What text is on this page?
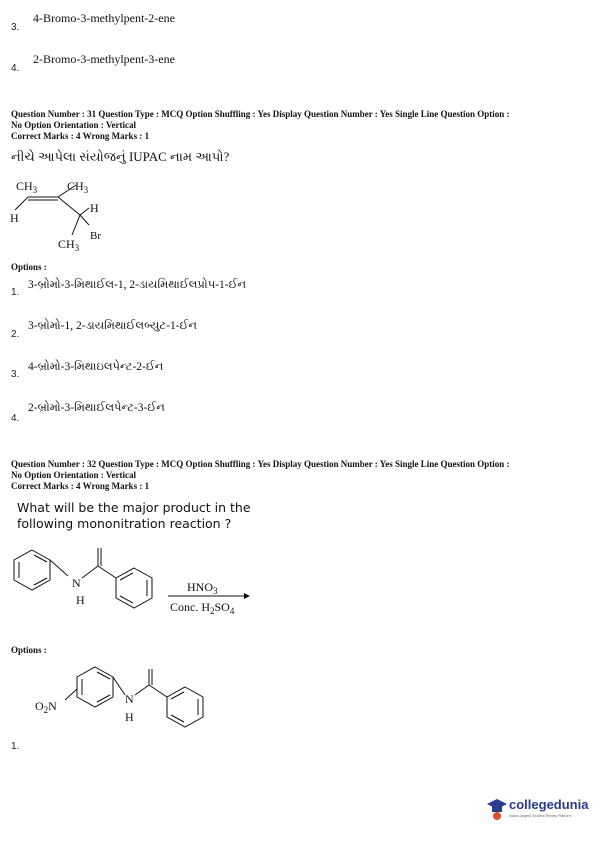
3.
4-Bromo-3-methylpent-2-ene
4.
2-Bromo-3-methylpent-3-ene
Question Number : 31 Question Type : MCQ Option Shuffling : Yes Display Question Number : Yes Single Line Question Option :
No Option Orientation : Vertical
Correct Marks : 4 Wrong Marks : 1
નીચે આપેલા સંયોજનું IUPAC નામ આપો?
$CH_3$ $CH_3$
H
H
Br
$CH_3$
Options :
1.
3-બ્રોમો-3-મિથાઈલ-1, 2-ડાયમિથાઈલપ્રોપ-1-ઈન
2.
3-બ્રોમો-1, 2-ડાયમિથાઈલબ્યુટ-1-ઈન
3.
4-બ્રોમો-3-મિથાઇલપેન્ટ-2-ઈન
4.
2-બ્રોમો-3-મિથાઈલપેન્ટ-3-ઈન
Question Number : 32 Question Type : MCQ Option Shuffling : Yes Display Question Number : Yes Single Line Question Option :
No Option Orientation : Vertical
Correct Marks : 4 Wrong Marks : 1
What will be the major product in the
following mononitration reaction ?
N
H
$HNO_3$
Conc. $H_2SO_4$
Options :
$O_2N$	N
H
1.
collegedunia
India's largest Student Review Platform
